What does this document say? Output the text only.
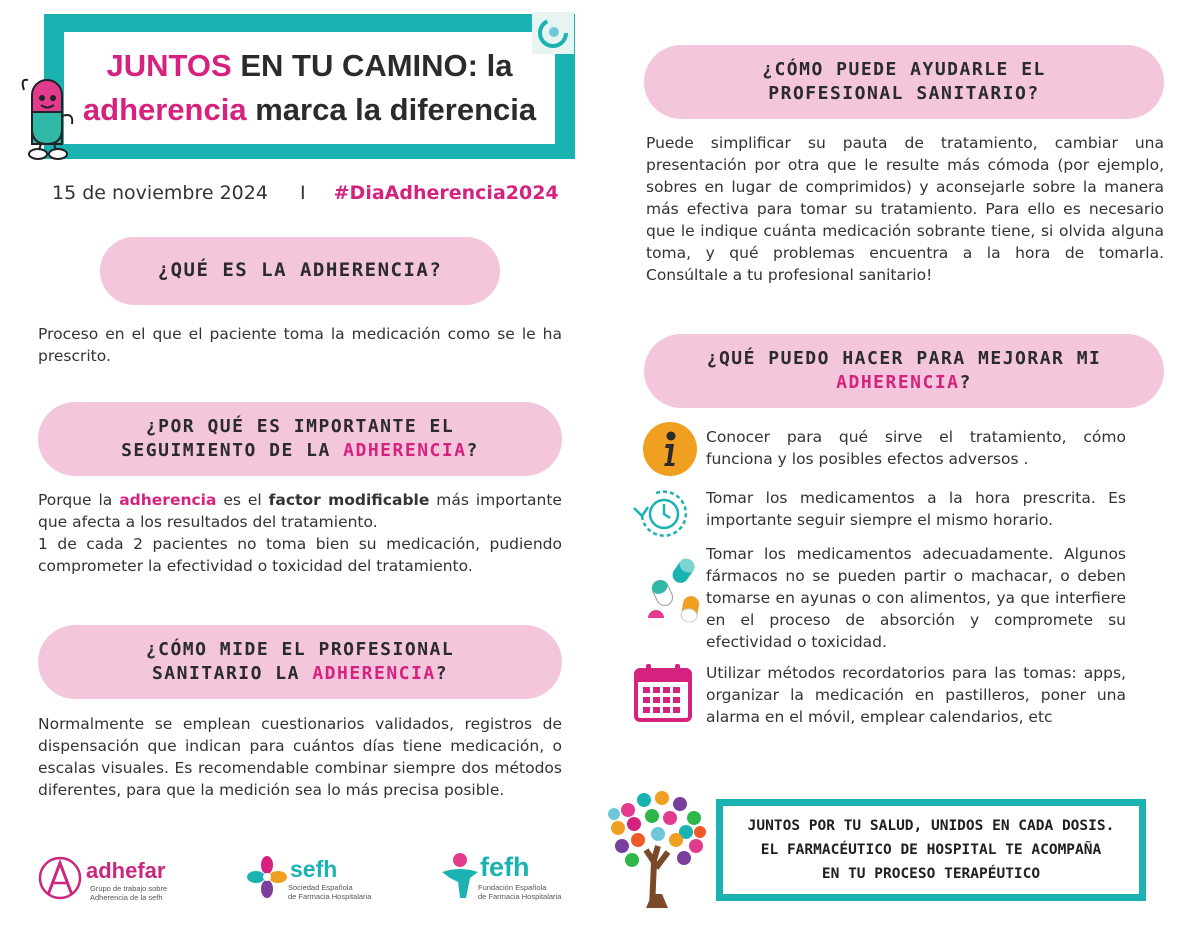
JUNTOS EN TU CAMINO: la
adherencia marca la diferencia
15 de noviembre 2024 I #DiaAdherencia2024
¿QUÉ ES LA ADHERENCIA?
Proceso en el que el paciente toma la medicación como se le ha prescrito.
¿POR QUÉ ES IMPORTANTE EL
SEGUIMIENTO DE LA ADHERENCIA?
Porque la adherencia es el factor modificable más importante que afecta a los resultados del tratamiento.
1 de cada 2 pacientes no toma bien su medicación, pudiendo comprometer la efectividad o toxicidad del tratamiento.
¿CÓMO MIDE EL PROFESIONAL
SANITARIO LA ADHERENCIA?
Normalmente se emplean cuestionarios validados, registros de dispensación que indican para cuántos días tiene medicación, o escalas visuales. Es recomendable combinar siempre dos métodos diferentes, para que la medición sea lo más precisa posible.
adhefar
Grupo de trabajo sobre
Adherencia de la sefh
sefh
Sociedad Española
de Farmacia Hospitalaria
fefh
Fundación Española
de Farmacia Hospitalaria
¿CÓMO PUEDE AYUDARLE EL
PROFESIONAL SANITARIO?
Puede simplificar su pauta de tratamiento, cambiar una presentación por otra que le resulte más cómoda (por ejemplo, sobres en lugar de comprimidos) y aconsejarle sobre la manera más efectiva para tomar su tratamiento. Para ello es necesario que le indique cuánta medicación sobrante tiene, si olvida alguna toma, y qué problemas encuentra a la hora de tomarla. Consúltale a tu profesional sanitario!
¿QUÉ PUEDO HACER PARA MEJORAR MI
ADHERENCIA?
Conocer para qué sirve el tratamiento, cómo funciona y los posibles efectos adversos .
Tomar los medicamentos a la hora prescrita. Es importante seguir siempre el mismo horario.
Tomar los medicamentos adecuadamente. Algunos fármacos no se pueden partir o machacar, o deben tomarse en ayunas o con alimentos, ya que interfiere en el proceso de absorción y compromete su efectividad o toxicidad.
Utilizar métodos recordatorios para las tomas: apps, organizar la medicación en pastilleros, poner una alarma en el móvil, emplear calendarios, etc
JUNTOS POR TU SALUD, UNIDOS EN CADA DOSIS.
EL FARMACÉUTICO DE HOSPITAL TE ACOMPAÑA
EN TU PROCESO TERAPÉUTICO
